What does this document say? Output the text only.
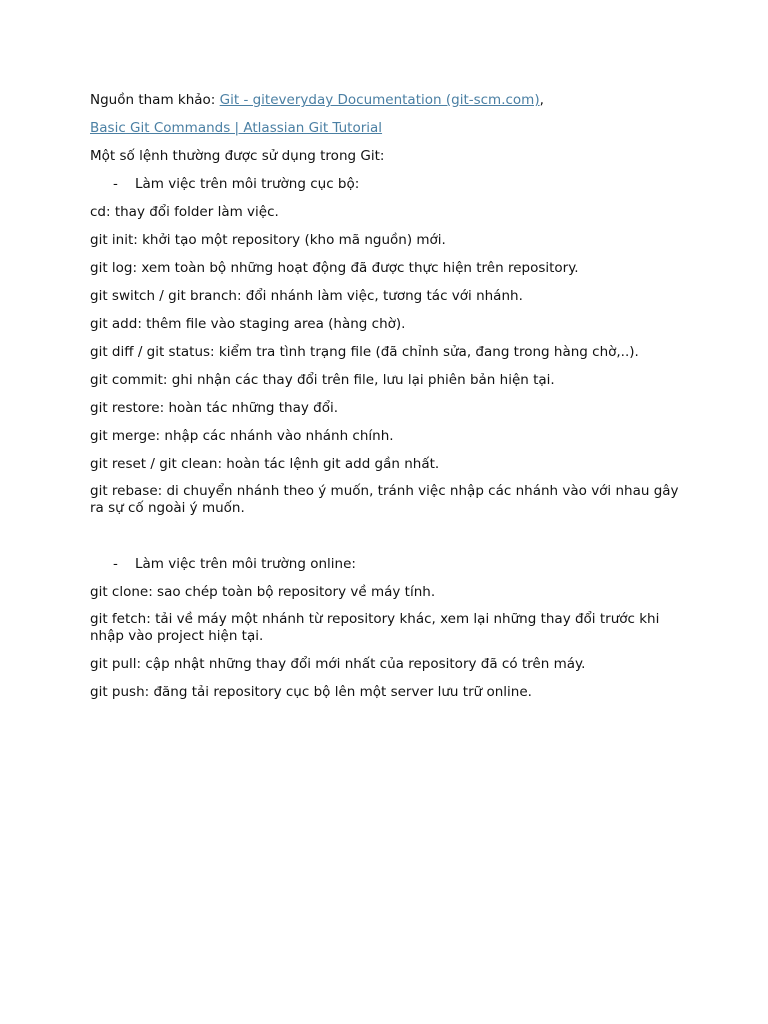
Nguồn tham khảo: Git - giteveryday Documentation (git-scm.com),

Basic Git Commands | Atlassian Git Tutorial

Một số lệnh thường được sử dụng trong Git:

-	Làm việc trên môi trường cục bộ:

cd: thay đổi folder làm việc.

git init: khởi tạo một repository (kho mã nguồn) mới.

git log: xem toàn bộ những hoạt động đã được thực hiện trên repository.

git switch / git branch: đổi nhánh làm việc, tương tác với nhánh.

git add: thêm file vào staging area (hàng chờ).

git diff / git status: kiểm tra tình trạng file (đã chỉnh sửa, đang trong hàng chờ,..).

git commit: ghi nhận các thay đổi trên file, lưu lại phiên bản hiện tại.

git restore: hoàn tác những thay đổi.

git merge: nhập các nhánh vào nhánh chính.

git reset / git clean: hoàn tác lệnh git add gần nhất.

git rebase: di chuyển nhánh theo ý muốn, tránh việc nhập các nhánh vào với nhau gây ra sự cố ngoài ý muốn.

-	Làm việc trên môi trường online:

git clone: sao chép toàn bộ repository về máy tính.

git fetch: tải về máy một nhánh từ repository khác, xem lại những thay đổi trước khi nhập vào project hiện tại.

git pull: cập nhật những thay đổi mới nhất của repository đã có trên máy.

git push: đăng tải repository cục bộ lên một server lưu trữ online.
